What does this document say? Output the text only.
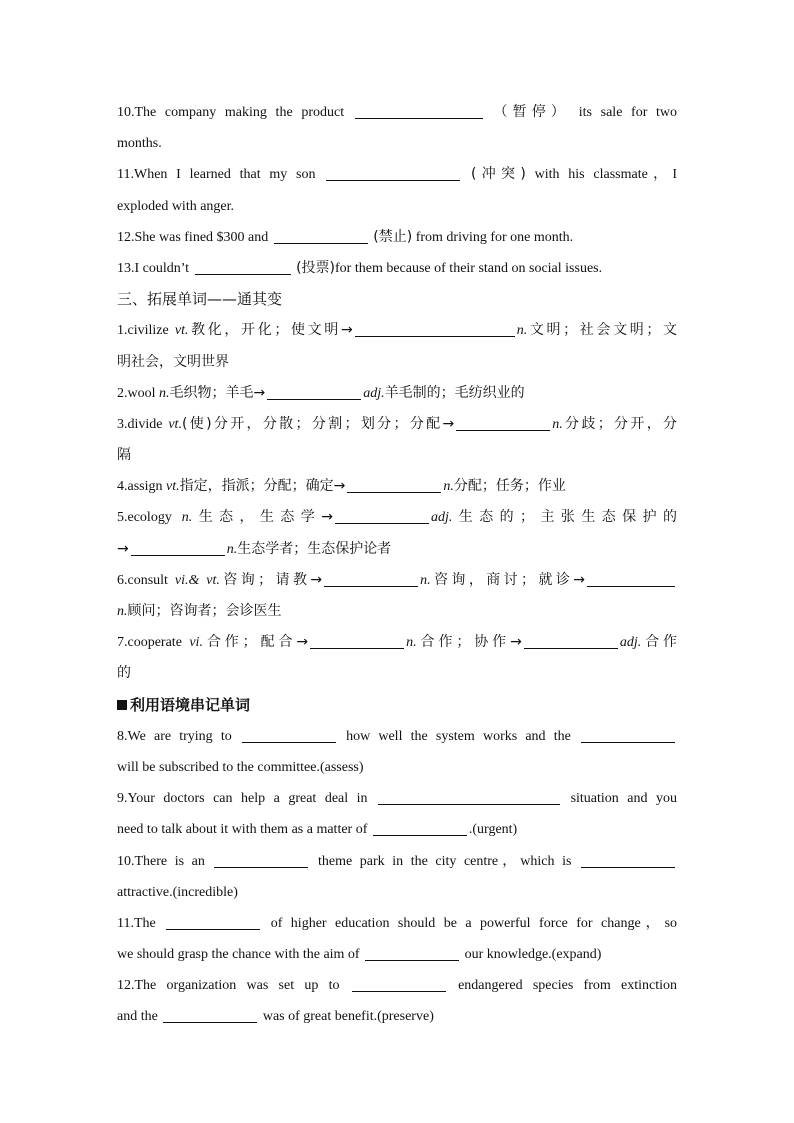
10.The company making the product	（暂停） its sale for two
months.
11.When I learned that my son	(冲突) with his classmate，I
exploded with anger.
12.She was fined $300 and	(禁止) from driving for one month.
13.I couldn’t	(投票)for them because of their stand on social issues.
三、拓展单词——通其变
1.civilize vt.教化，开化；使文明→	n.文明；社会文明；文
明社会，文明世界
2.wool n.毛织物；羊毛→	adj.羊毛制的；毛纺织业的
3.divide vt.(使)分开，分散；分割；划分；分配→	n.分歧；分开，分
隔
4.assign vt.指定，指派；分配；确定→	n.分配；任务；作业
5.ecology n.生态，生态学→	adj.生态的；主张生态保护的
→	n.生态学者；生态保护论者
6.consult vi.& vt.咨询；请教→	n.咨询，商讨；就诊→
n.顾问；咨询者；会诊医生
7.cooperate vi.合作；配合→	n.合作；协作→	adj.合作
的
利用语境串记单词
8.We are trying to	how well the system works and the
will be subscribed to the committee.(assess)
9.Your doctors can help a great deal in	situation and you
need to talk about it with them as a matter of	.(urgent)
10.There is an	theme park in the city centre，which is
attractive.(incredible)
11.The	of higher education should be a powerful force for change，so
we should grasp the chance with the aim of	our knowledge.(expand)
12.The organization was set up to	endangered species from extinction
and the	was of great benefit.(preserve)
